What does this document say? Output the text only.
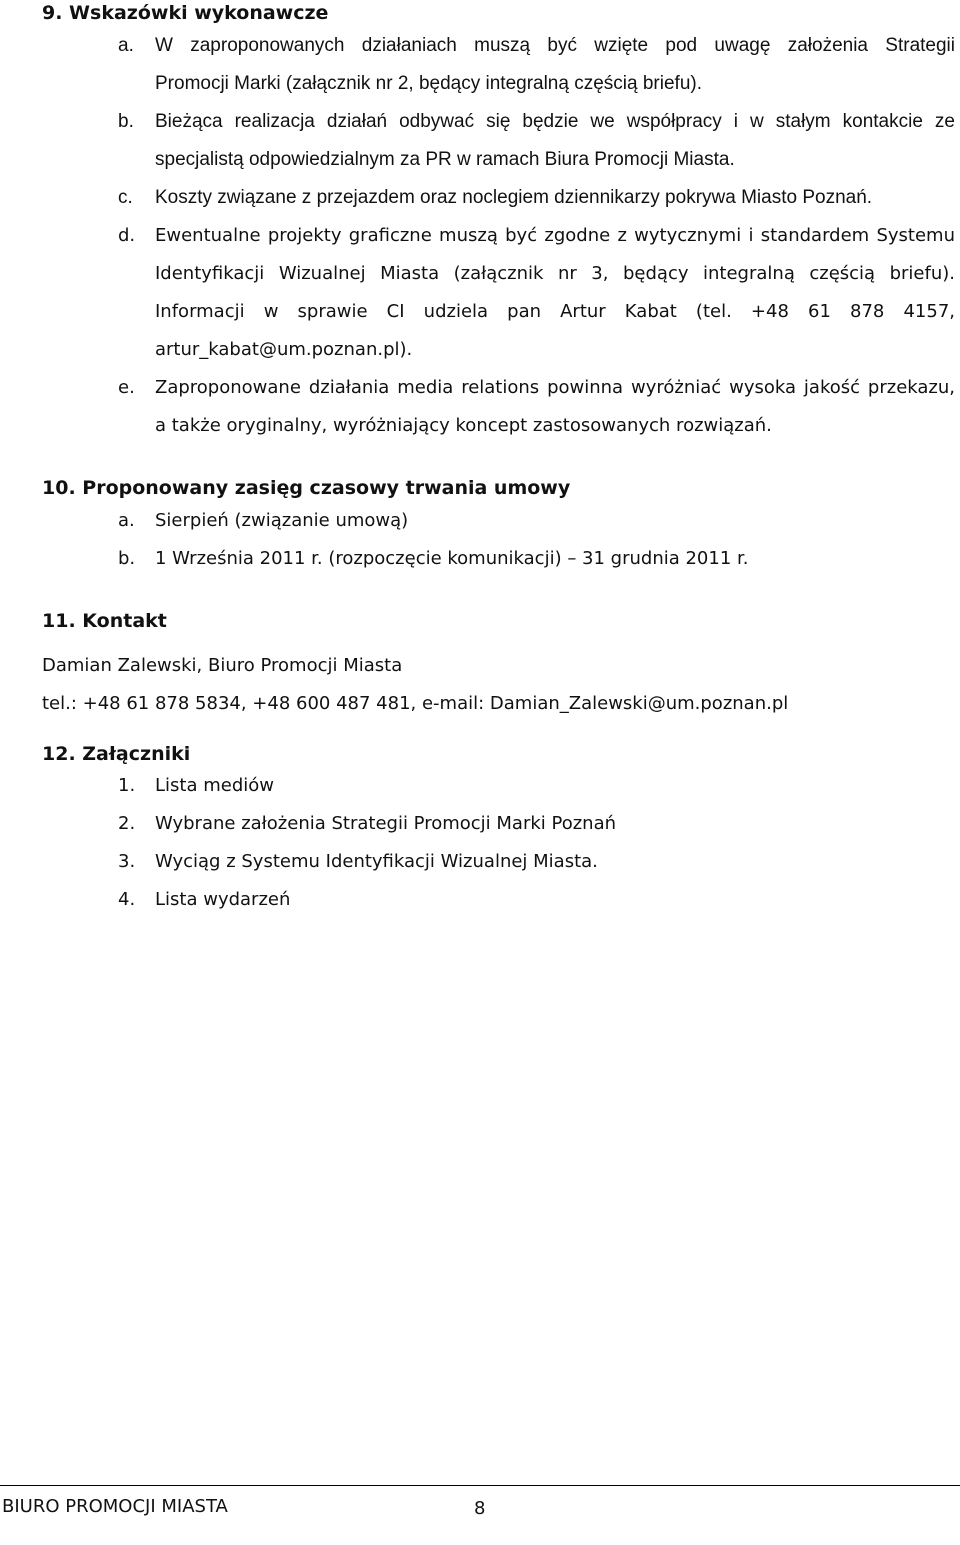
9. Wskazówki wykonawcze
a. W zaproponowanych działaniach muszą być wzięte pod uwagę założenia Strategii
Promocji Marki (załącznik nr 2, będący integralną częścią briefu).
b. Bieżąca realizacja działań odbywać się będzie we współpracy i w stałym kontakcie ze
specjalistą odpowiedzialnym za PR w ramach Biura Promocji Miasta.
c. Koszty związane z przejazdem oraz noclegiem dziennikarzy pokrywa Miasto Poznań.
d. Ewentualne projekty graficzne muszą być zgodne z wytycznymi i standardem Systemu
Identyfikacji Wizualnej Miasta (załącznik nr 3, będący integralną częścią briefu).
Informacji w sprawie CI udziela pan Artur Kabat (tel. +48 61 878 4157,
artur_kabat@um.poznan.pl).
e. Zaproponowane działania media relations powinna wyróżniać wysoka jakość przekazu,
a także oryginalny, wyróżniający koncept zastosowanych rozwiązań.
10. Proponowany zasięg czasowy trwania umowy
a. Sierpień (związanie umową)
b. 1 Września 2011 r. (rozpoczęcie komunikacji) – 31 grudnia 2011 r.
11. Kontakt
Damian Zalewski, Biuro Promocji Miasta
tel.: +48 61 878 5834, +48 600 487 481, e-mail: Damian_Zalewski@um.poznan.pl
12. Załączniki
1. Lista mediów
2. Wybrane założenia Strategii Promocji Marki Poznań
3. Wyciąg z Systemu Identyfikacji Wizualnej Miasta.
4. Lista wydarzeń
BIURO PROMOCJI MIASTA	8
